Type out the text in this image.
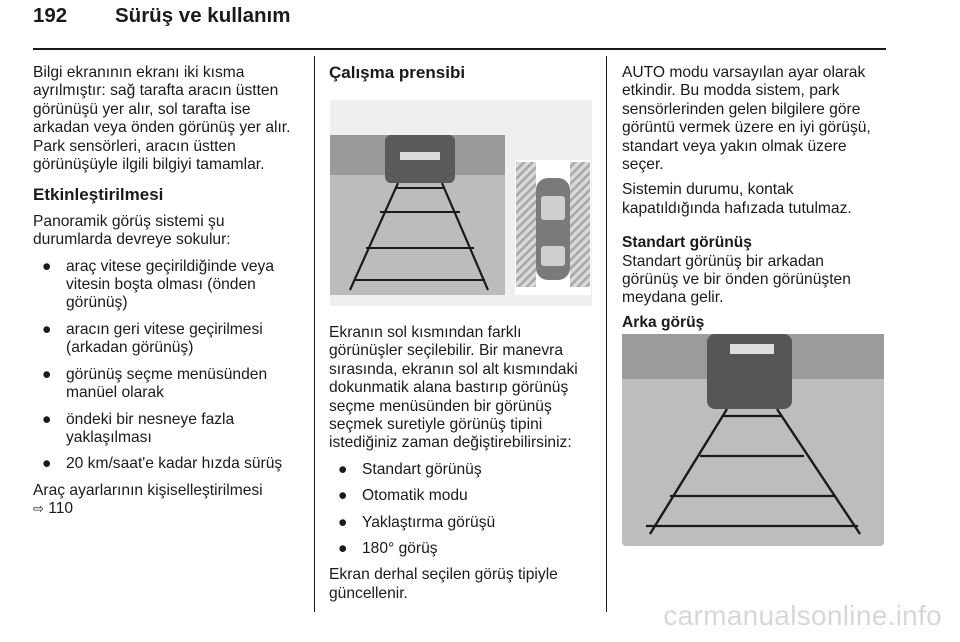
192 Sürüş ve kullanım

Bilgi ekranının ekranı iki kısma

ayrılmıştır: sağ tarafta aracın üstten

görünüşü yer alır, sol tarafta ise

arkadan veya önden görünüş yer alır.

Park sensörleri, aracın üstten

görünüşüyle ilgili bilgiyi tamamlar.

Etkinleştirilmesi

Panoramik görüş sistemi şu

durumlarda devreye sokulur:

● araç vitese geçirildiğinde veya
vitesin boşta olması (önden
görünüş)
● aracın geri vitese geçirilmesi
(arkadan görünüş)
● görünüş seçme menüsünden
manüel olarak
● öndeki bir nesneye fazla
yaklaşılması
● 20 km/saat'e kadar hızda sürüş

Araç ayarlarının kişiselleştirilmesi

⇨ 110

Çalışma prensibi

Ekranın sol kısmından farklı

görünüşler seçilebilir. Bir manevra

sırasında, ekranın sol alt kısmındaki

dokunmatik alana bastırıp görünüş

seçme menüsünden bir görünüş

seçmek suretiyle görünüş tipini

istediğiniz zaman değiştirebilirsiniz:

● Standart görünüş
● Otomatik modu
● Yaklaştırma görüşü
● 180° görüş

Ekran derhal seçilen görüş tipiyle

güncellenir.

AUTO modu varsayılan ayar olarak

etkindir. Bu modda sistem, park

sensörlerinden gelen bilgilere göre

görüntü vermek üzere en iyi görüşü,

standart veya yakın olmak üzere

seçer.

Sistemin durumu, kontak

kapatıldığında hafızada tutulmaz.

Standart görünüş

Standart görünüş bir arkadan

görünüş ve bir önden görünüşten

meydana gelir.

Arka görüş

carmanualsonline.info
